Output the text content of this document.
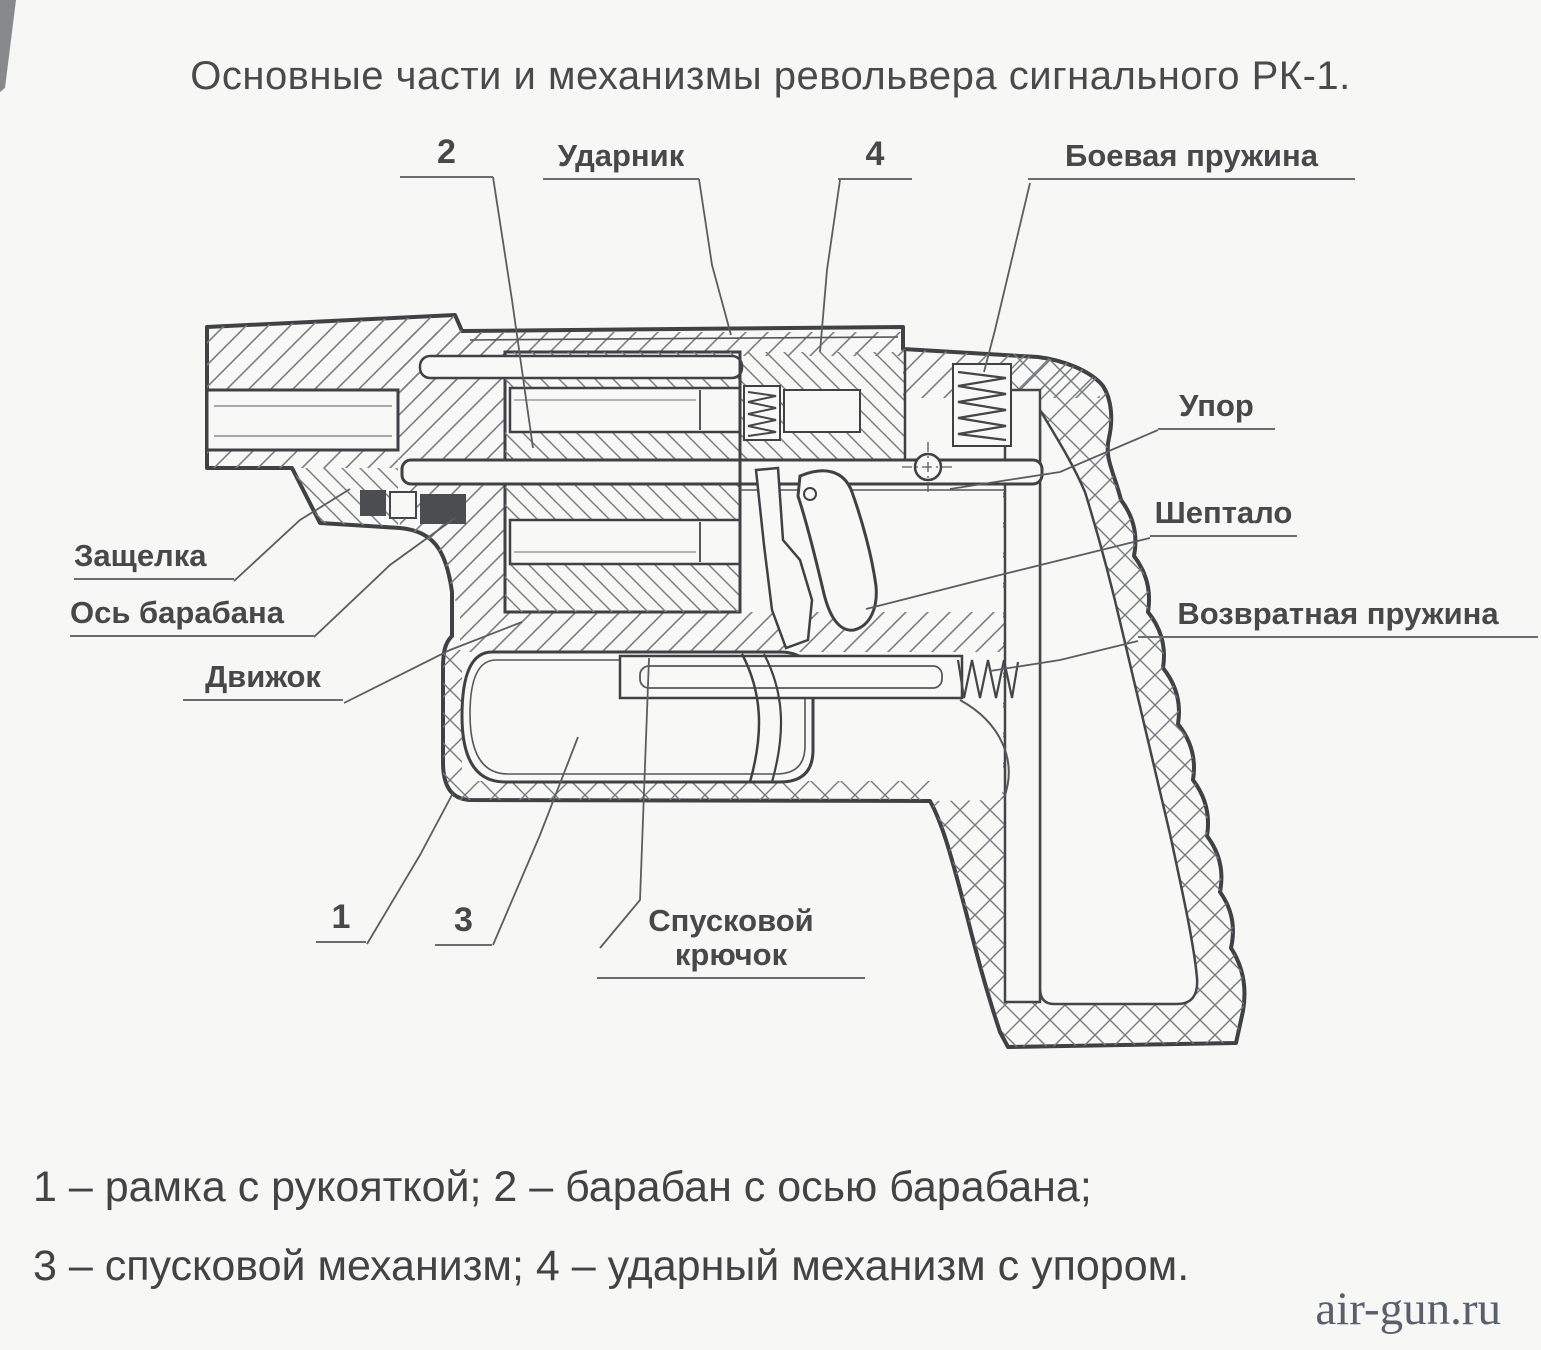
Основные части и механизмы револьвера сигнального РК-1.
2	Ударник	4	Боевая пружина
Упор
Шептало
Возвратная пружина
Защелка
Ось барабана
Движок
1	3	Спусковой крючок
1 – рамка с рукояткой; 2 – барабан с осью барабана;
3 – спусковой механизм; 4 – ударный механизм с упором.
air-gun.ru
